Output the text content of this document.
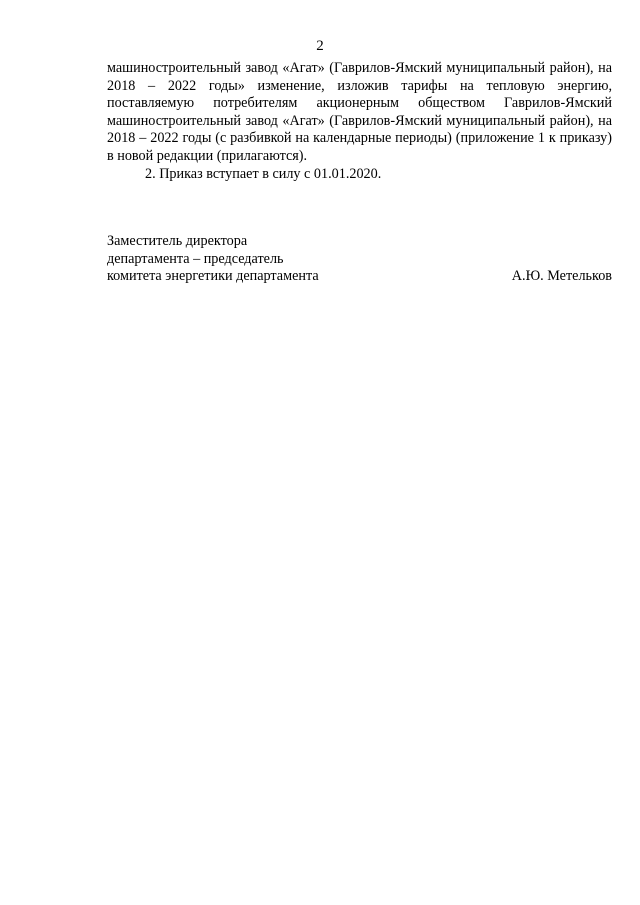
2

машиностроительный завод «Агат» (Гаврилов-Ямский муниципальный район), на 2018 – 2022 годы» изменение, изложив тарифы на тепловую энергию, поставляемую потребителям акционерным обществом Гаврилов-Ямский машиностроительный завод «Агат» (Гаврилов-Ямский муниципальный район), на 2018 – 2022 годы (с разбивкой на календарные периоды) (приложение 1 к приказу) в новой редакции (прилагаются).

2. Приказ вступает в силу с 01.01.2020.

Заместитель директора
департамента – председатель
комитета энергетики департамента	А.Ю. Метельков
